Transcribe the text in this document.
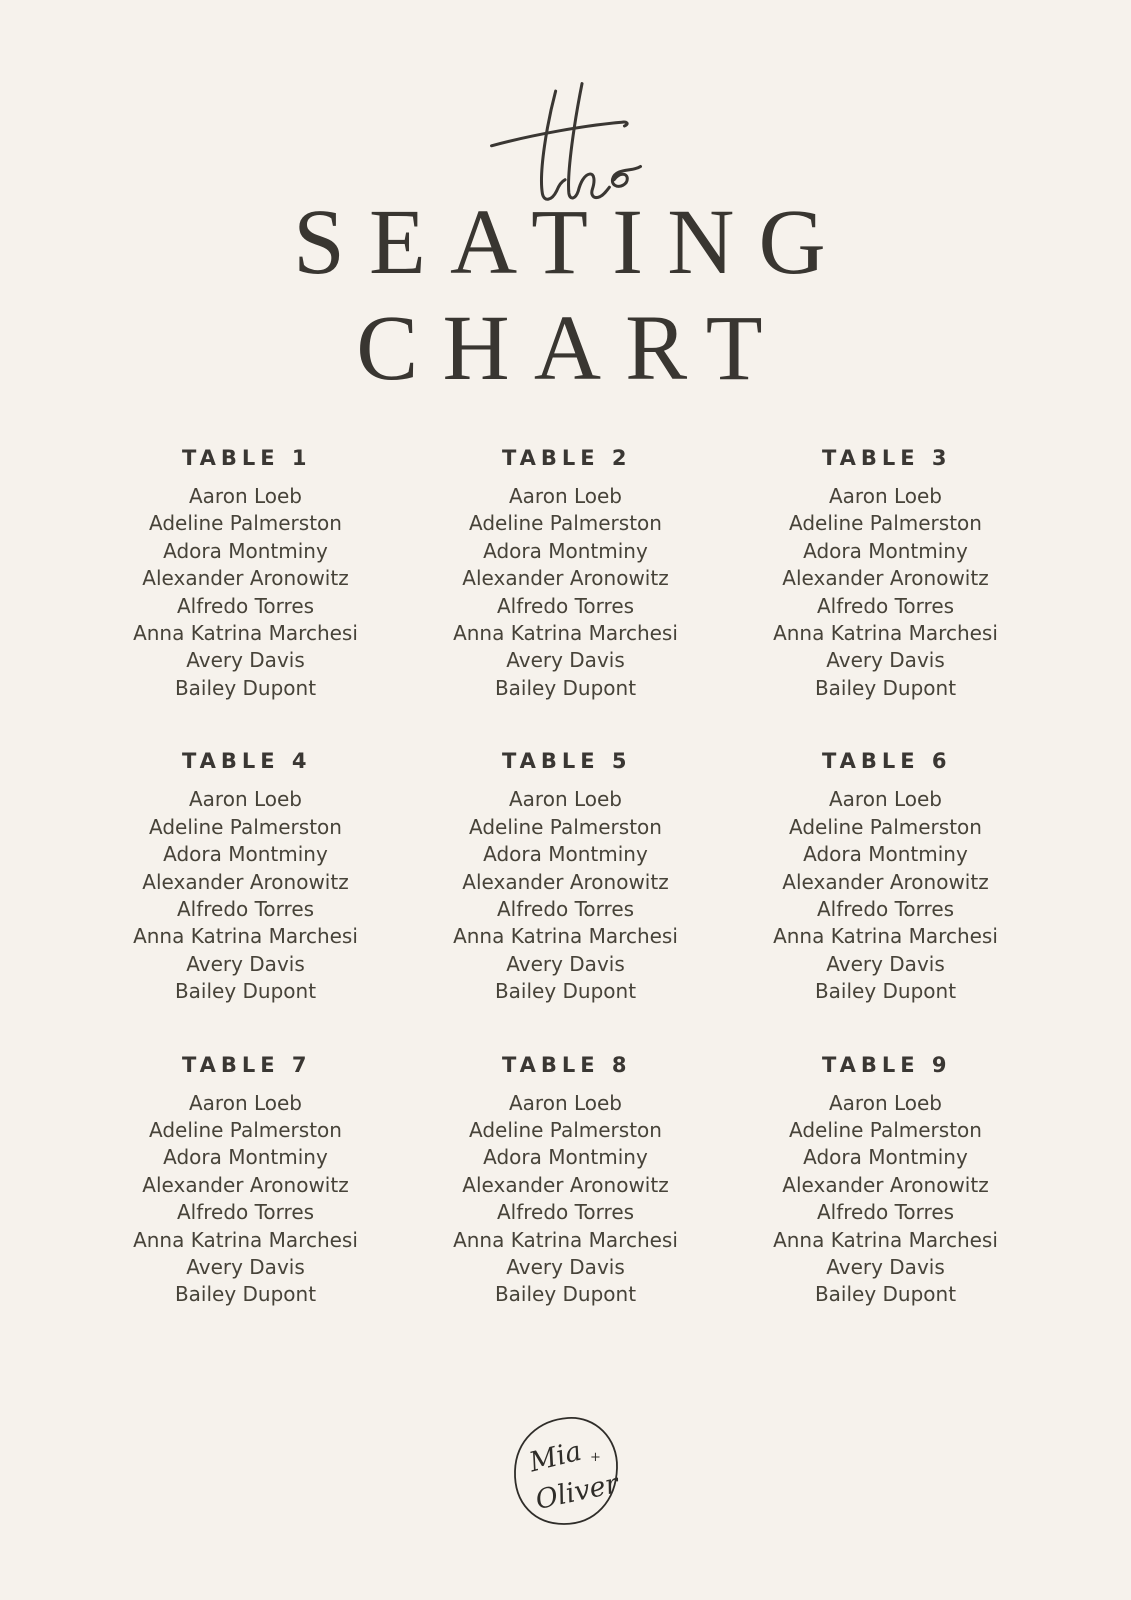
SEATING
CHART
TABLE 1
Aaron Loeb
Adeline Palmerston
Adora Montminy
Alexander Aronowitz
Alfredo Torres
Anna Katrina Marchesi
Avery Davis
Bailey Dupont
TABLE 2
Aaron Loeb
Adeline Palmerston
Adora Montminy
Alexander Aronowitz
Alfredo Torres
Anna Katrina Marchesi
Avery Davis
Bailey Dupont
TABLE 3
Aaron Loeb
Adeline Palmerston
Adora Montminy
Alexander Aronowitz
Alfredo Torres
Anna Katrina Marchesi
Avery Davis
Bailey Dupont
TABLE 4
Aaron Loeb
Adeline Palmerston
Adora Montminy
Alexander Aronowitz
Alfredo Torres
Anna Katrina Marchesi
Avery Davis
Bailey Dupont
TABLE 5
Aaron Loeb
Adeline Palmerston
Adora Montminy
Alexander Aronowitz
Alfredo Torres
Anna Katrina Marchesi
Avery Davis
Bailey Dupont
TABLE 6
Aaron Loeb
Adeline Palmerston
Adora Montminy
Alexander Aronowitz
Alfredo Torres
Anna Katrina Marchesi
Avery Davis
Bailey Dupont
TABLE 7
Aaron Loeb
Adeline Palmerston
Adora Montminy
Alexander Aronowitz
Alfredo Torres
Anna Katrina Marchesi
Avery Davis
Bailey Dupont
TABLE 8
Aaron Loeb
Adeline Palmerston
Adora Montminy
Alexander Aronowitz
Alfredo Torres
Anna Katrina Marchesi
Avery Davis
Bailey Dupont
TABLE 9
Aaron Loeb
Adeline Palmerston
Adora Montminy
Alexander Aronowitz
Alfredo Torres
Anna Katrina Marchesi
Avery Davis
Bailey Dupont
Mia +
Oliver
